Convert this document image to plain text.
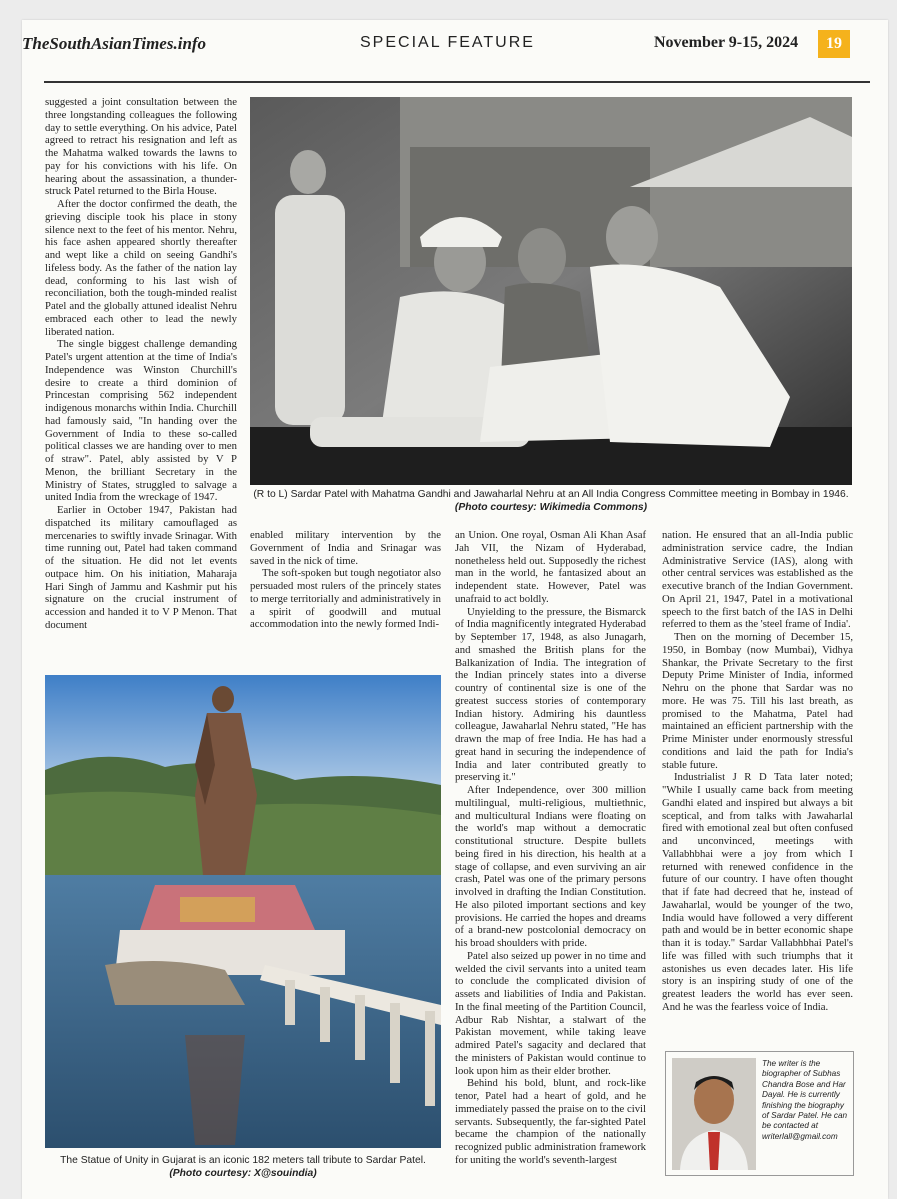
TheSouthAsianTimes.info	SPECIAL FEATURE	November 9-15, 2024	19

suggested a joint consultation between the three longstanding colleagues the following day to settle everything. On his advice, Patel agreed to retract his resignation and left as the Mahatma walked towards the lawns to pay for his convictions with his life. On hearing about the assassination, a thunder-struck Patel returned to the Birla House.

After the doctor confirmed the death, the grieving disciple took his place in stony silence next to the feet of his mentor. Nehru, his face ashen appeared shortly thereafter and wept like a child on seeing Gandhi's lifeless body. As the father of the nation lay dead, conforming to his last wish of reconciliation, both the tough-minded realist Patel and the globally attuned idealist Nehru embraced each other to lead the newly liberated nation.

The single biggest challenge demanding Patel's urgent attention at the time of India's Independence was Winston Churchill's desire to create a third dominion of Princestan comprising 562 independent indigenous monarchs within India. Churchill had famously said, "In handing over the Government of India to these so-called political classes we are handing over to men of straw". Patel, ably assisted by V P Menon, the brilliant Secretary in the Ministry of States, struggled to salvage a united India from the wreckage of 1947.

Earlier in October 1947, Pakistan had dispatched its military camouflaged as mercenaries to swiftly invade Srinagar. With time running out, Patel had taken command of the situation. He did not let events outpace him. On his initiation, Maharaja Hari Singh of Jammu and Kashmir put his signature on the crucial instrument of accession and handed it to V P Menon. That document

(R to L) Sardar Patel with Mahatma Gandhi and Jawaharlal Nehru at an All India Congress Committee meeting in Bombay in 1946.
(Photo courtesy: Wikimedia Commons)

enabled military intervention by the Government of India and Srinagar was saved in the nick of time.

The soft-spoken but tough negotiator also persuaded most rulers of the princely states to merge territorially and administratively in a spirit of goodwill and mutual accommodation into the newly formed Indi-

The Statue of Unity in Gujarat is an iconic 182 meters tall tribute to Sardar Patel.
(Photo courtesy: X@souindia)

an Union. One royal, Osman Ali Khan Asaf Jah VII, the Nizam of Hyderabad, nonetheless held out. Supposedly the richest man in the world, he fantasized about an independent state. However, Patel was unafraid to act boldly.

Unyielding to the pressure, the Bismarck of India magnificently integrated Hyderabad by September 17, 1948, as also Junagarh, and smashed the British plans for the Balkanization of India. The integration of the Indian princely states into a diverse country of continental size is one of the greatest success stories of contemporary Indian history. Admiring his dauntless colleague, Jawaharlal Nehru stated, "He has drawn the map of free India. He has had a great hand in securing the independence of India and later contributed greatly to preserving it."

After Independence, over 300 million multilingual, multi-religious, multiethnic, and multicultural Indians were floating on the world's map without a democratic constitutional structure. Despite bullets being fired in his direction, his health at a stage of collapse, and even surviving an air crash, Patel was one of the primary persons involved in drafting the Indian Constitution. He also piloted important sections and key provisions. He carried the hopes and dreams of a brand-new postcolonial democracy on his broad shoulders with pride.

Patel also seized up power in no time and welded the civil servants into a united team to conclude the complicated division of assets and liabilities of India and Pakistan. In the final meeting of the Partition Council, Adbur Rab Nishtar, a stalwart of the Pakistan movement, while taking leave admired Patel's sagacity and declared that the ministers of Pakistan would continue to look upon him as their elder brother.

Behind his bold, blunt, and rock-like tenor, Patel had a heart of gold, and he immediately passed the praise on to the civil servants. Subsequently, the far-sighted Patel became the champion of the nationally recognized public administration framework for uniting the world's seventh-largest

nation. He ensured that an all-India public administration service cadre, the Indian Administrative Service (IAS), along with other central services was established as the executive branch of the Indian Government. On April 21, 1947, Patel in a motivational speech to the first batch of the IAS in Delhi referred to them as the 'steel frame of India'.

Then on the morning of December 15, 1950, in Bombay (now Mumbai), Vidhya Shankar, the Private Secretary to the first Deputy Prime Minister of India, informed Nehru on the phone that Sardar was no more. He was 75. Till his last breath, as promised to the Mahatma, Patel had maintained an efficient partnership with the Prime Minister under enormously stressful conditions and laid the path for India's stable future.

Industrialist J R D Tata later noted; "While I usually came back from meeting Gandhi elated and inspired but always a bit sceptical, and from talks with Jawaharlal fired with emotional zeal but often confused and unconvinced, meetings with Vallabhbhai were a joy from which I returned with renewed confidence in the future of our country. I have often thought that if fate had decreed that he, instead of Jawaharlal, would be younger of the two, India would have followed a very different path and would be in better economic shape than it is today." Sardar Vallabhbhai Patel's life was filled with such triumphs that it astonishes us even decades later. His life story is an inspiring study of one of the greatest leaders the world has ever seen. And he was the fearless voice of India.

The writer is the biographer of Subhas Chandra Bose and Har Dayal. He is currently finishing the biography of Sardar Patel. He can be contacted at writerlall@gmail.com
